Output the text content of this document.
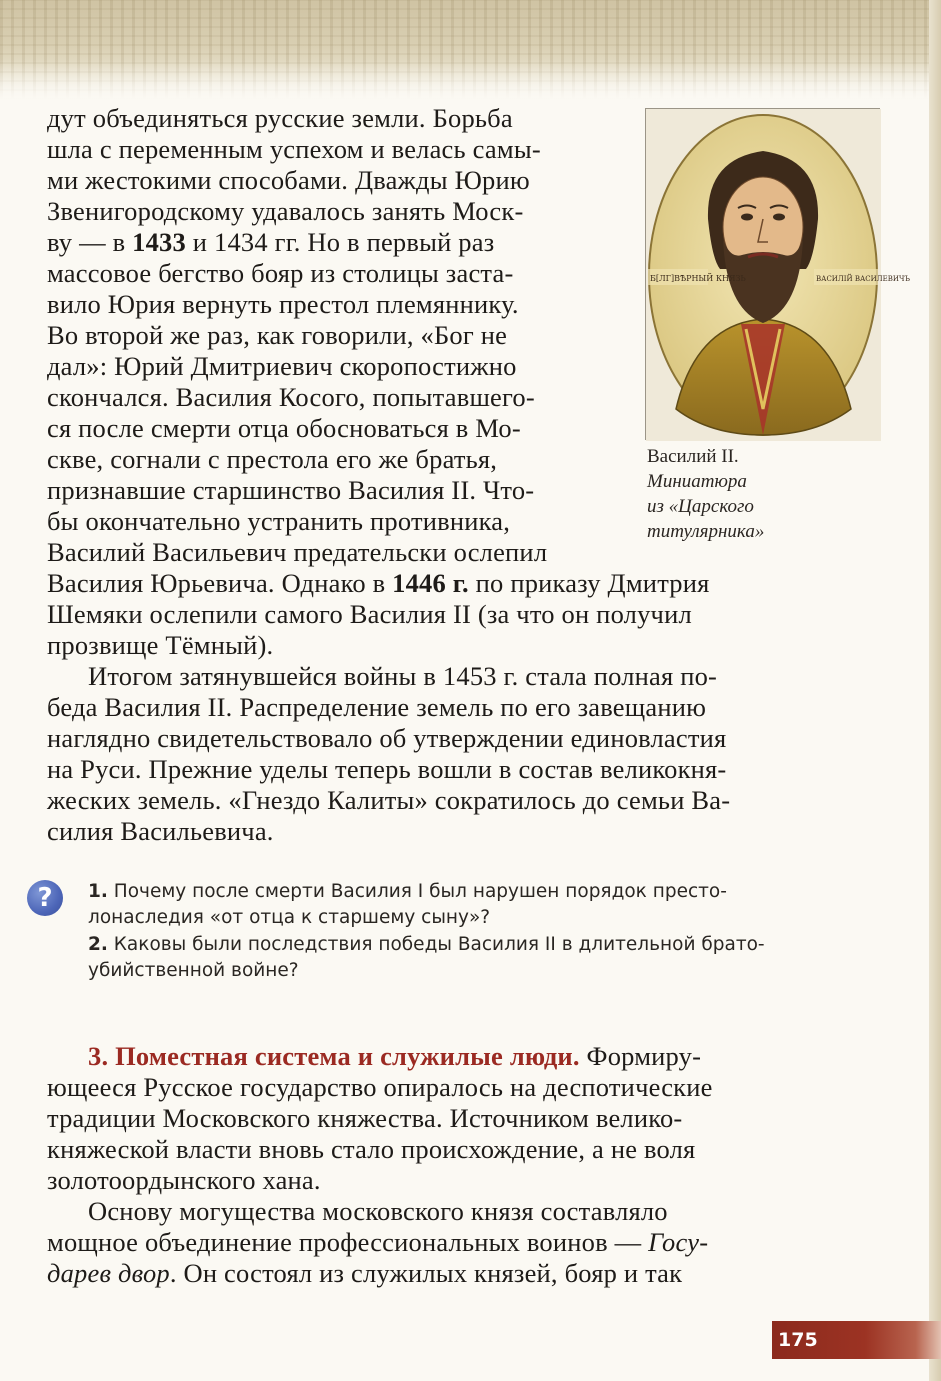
дут объединяться русские земли. Борьба
шла с переменным успехом и велась самы-
ми жестокими способами. Дважды Юрию
Звенигородскому удавалось занять Моск-
ву — в 1433 и 1434 гг. Но в первый раз
массовое бегство бояр из столицы заста-
вило Юрия вернуть престол племяннику.
Во второй же раз, как говорили, «Бог не
дал»: Юрий Дмитриевич скоропостижно
скончался. Василия Косого, попытавшего-
ся после смерти отца обосноваться в Мо-
скве, согнали с престола его же братья,
признавшие старшинство Василия II. Что-
бы окончательно устранить противника,
Василий Васильевич предательски ослепил
Василия Юрьевича. Однако в 1446 г. по приказу Дмитрия
Шемяки ослепили самого Василия II (за что он получил
прозвище Тёмный).
Б[ЛГ]ВѢРНЫЙ КНЯЗЬ	ВАСИЛІЙ ВАСИЛЕВИЧЪ
Василий II.
Миниатюра
из «Царского
титулярника»
Итогом затянувшейся войны в 1453 г. стала полная по-
беда Василия II. Распределение земель по его завещанию
наглядно свидетельствовало об утверждении единовластия
на Руси. Прежние уделы теперь вошли в состав великокня-
жеских земель. «Гнездо Калиты» сократилось до семьи Ва-
силия Васильевича.
?	1. Почему после смерти Василия I был нарушен порядок престо-
лонаследия «от отца к старшему сыну»?
2. Каковы были последствия победы Василия II в длительной брато-
убийственной войне?
3. Поместная система и служилые люди. Формиру-
ющееся Русское государство опиралось на деспотические
традиции Московского княжества. Источником велико-
княжеской власти вновь стало происхождение, а не воля
золотоордынского хана.
Основу могущества московского князя составляло
мощное объединение профессиональных воинов — Госу-
дарев двор. Он состоял из служилых князей, бояр и так
175
